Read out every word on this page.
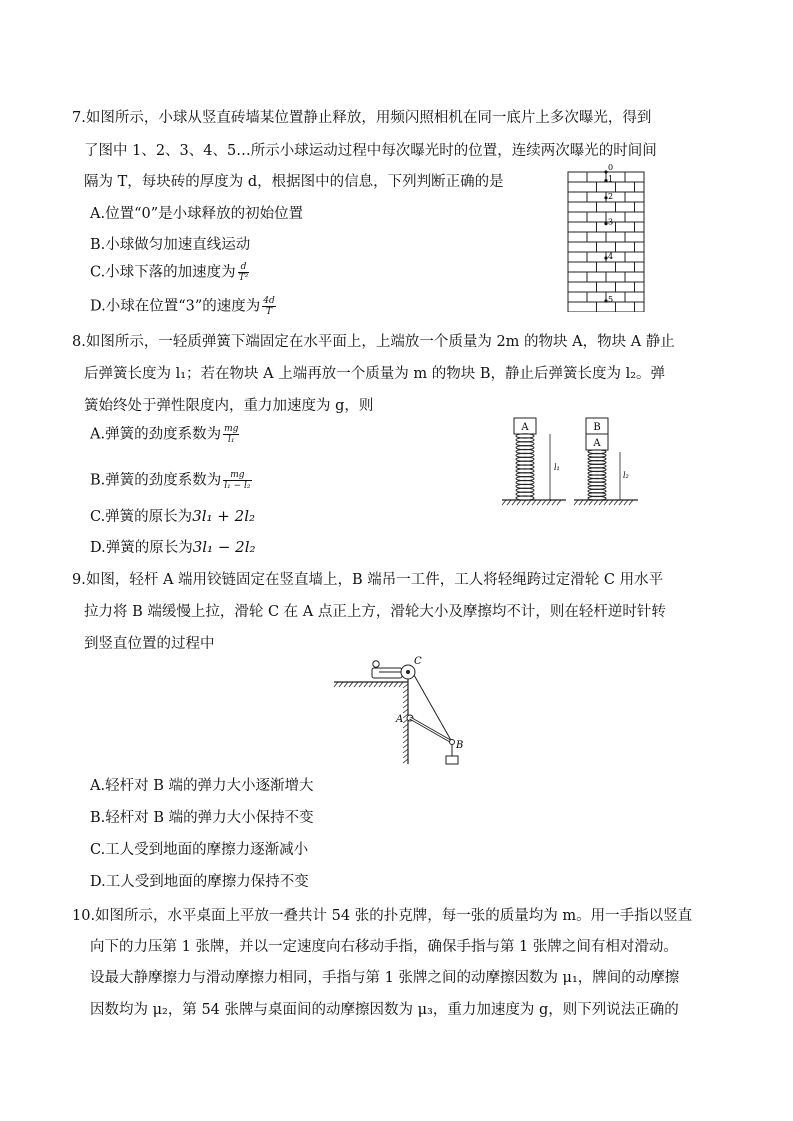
7.如图所示，小球从竖直砖墙某位置静止释放，用频闪照相机在同一底片上多次曝光，得到
了图中 1、2、3、4、5…所示小球运动过程中每次曝光时的位置，连续两次曝光的时间间
隔为 T，每块砖的厚度为 d，根据图中的信息，下列判断正确的是
A.位置“0”是小球释放的初始位置
B.小球做匀加速直线运动
C.小球下落的加速度为 $\frac{d}{\text{T²}}$
D.小球在位置“3”的速度为 $\frac{4d}{T}$
0
1
2
3
4
5
8.如图所示，一轻质弹簧下端固定在水平面上，上端放一个质量为 2m 的物块 A，物块 A 静止
后弹簧长度为 l₁；若在物块 A 上端再放一个质量为 m 的物块 B，静止后弹簧长度为 l₂。弹
簧始终处于弹性限度内，重力加速度为 g，则
A.弹簧的劲度系数为 $\frac{mg}{\text{l₁}}$
B.弹簧的劲度系数为 $\frac{mg}{\text{l₁ − l₂}}$
C.弹簧的原长为3l₁ + 2l₂
D.弹簧的原长为3l₁ − 2l₂
A
l₁
B
A
l₂
9.如图，轻杆 A 端用铰链固定在竖直墙上，B 端吊一工件，工人将轻绳跨过定滑轮 C 用水平
拉力将 B 端缓慢上拉，滑轮 C 在 A 点正上方，滑轮大小及摩擦均不计，则在轻杆逆时针转
到竖直位置的过程中
C
A
B
A.轻杆对 B 端的弹力大小逐渐增大
B.轻杆对 B 端的弹力大小保持不变
C.工人受到地面的摩擦力逐渐减小
D.工人受到地面的摩擦力保持不变
10.如图所示，水平桌面上平放一叠共计 54 张的扑克牌，每一张的质量均为 m。用一手指以竖直
向下的力压第 1 张牌，并以一定速度向右移动手指，确保手指与第 1 张牌之间有相对滑动。
设最大静摩擦力与滑动摩擦力相同，手指与第 1 张牌之间的动摩擦因数为 μ₁，牌间的动摩擦
因数均为 μ₂，第 54 张牌与桌面间的动摩擦因数为 μ₃，重力加速度为 g，则下列说法正确的
